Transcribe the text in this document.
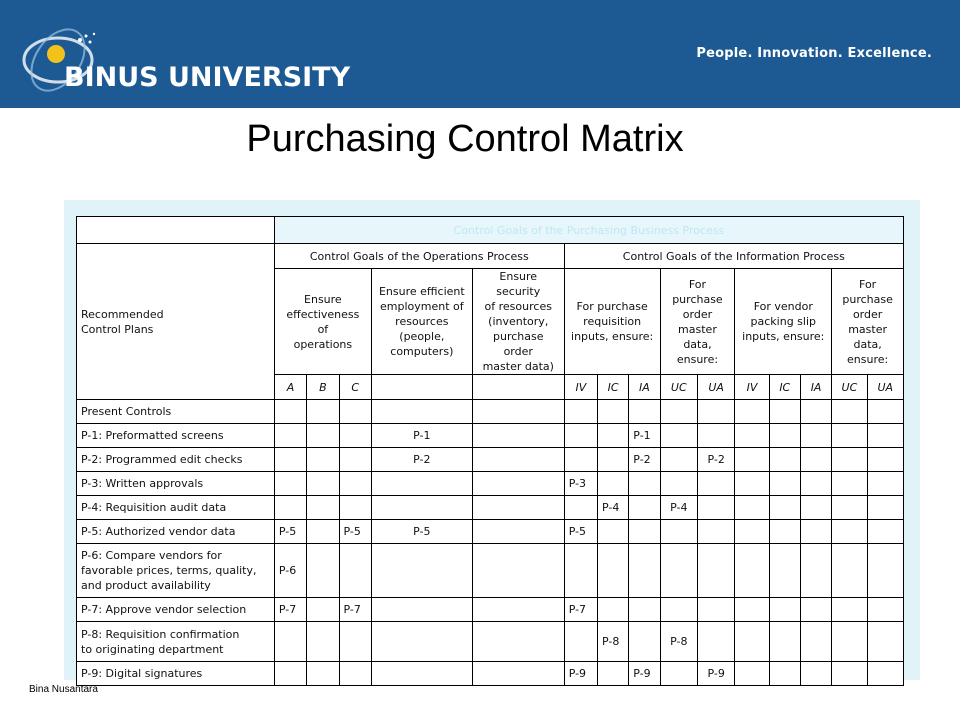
BINUS UNIVERSITY
People. Innovation. Excellence.
Purchasing Control Matrix
	Control Goals of the Purchasing Business Process														
Recommended
Control Plans	Control Goals of the Operations Process					Control Goals of the Information Process									
	Ensure
effectiveness
of
operations			Ensure efficient
employment of
resources
(people,
computers)	Ensure security
of resources
(inventory,
purchase order
master data)	For purchase
requisition
inputs, ensure:			For
purchase
order
master data,
ensure:		For vendor
packing slip
inputs, ensure:			For
purchase
order
master data,
ensure:	
	A	B	C			IV	IC	IA	UC	UA	IV	IC	IA	UC	UA
Present Controls															
P-1: Preformatted screens				P-1				P-1							
P-2: Programmed edit checks				P-2				P-2		P-2					
P-3: Written approvals						P-3									
P-4: Requisition audit data							P-4		P-4						
P-5: Authorized vendor data	P-5		P-5	P-5		P-5									
P-6: Compare vendors for
favorable prices, terms, quality,
and product availability	P-6														
P-7: Approve vendor selection	P-7		P-7			P-7									
P-8: Requisition confirmation
to originating department							P-8		P-8						
P-9: Digital signatures						P-9		P-9		P-9					
Bina Nusantara
